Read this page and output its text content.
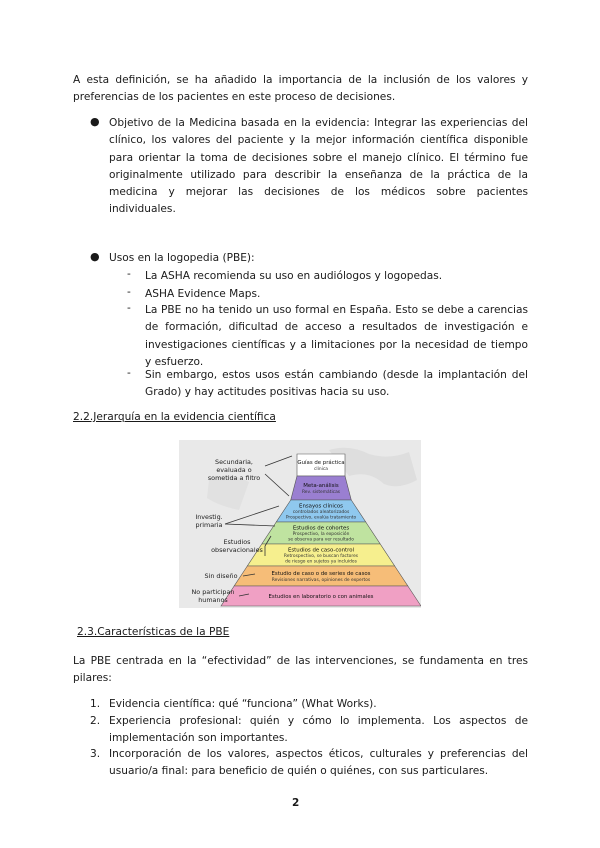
A esta definición, se ha añadido la importancia de la inclusión de los valores y preferencias de los pacientes en este proceso de decisiones.
● Objetivo de la Medicina basada en la evidencia: Integrar las experiencias del clínico, los valores del paciente y la mejor información científica disponible para orientar la toma de decisiones sobre el manejo clínico. El término fue originalmente utilizado para describir la enseñanza de la práctica de la medicina y mejorar las decisiones de los médicos sobre pacientes individuales.
● Usos en la logopedia (PBE):
- La ASHA recomienda su uso en audiólogos y logopedas.
- ASHA Evidence Maps.
- La PBE no ha tenido un uso formal en España. Esto se debe a carencias de formación, dificultad de acceso a resultados de investigación e investigaciones científicas y a limitaciones por la necesidad de tiempo y esfuerzo.
- Sin embargo, estos usos están cambiando (desde la implantación del Grado) y hay actitudes positivas hacia su uso.
2.2.Jerarquía en la evidencia científica
Guías de práctica
clínica
Meta-análisis
Rev. sistemáticas
Ensayos clínicos
controlados aleatorizados
Prospectivo, evalúa tratamiento
Estudios de cohortes
Prospectivo, la exposición
se observa para ver resultado
Estudios de caso-control
Retrospectivo, se buscan factores
de riesgo en sujetos ya incluidos
Estudio de caso o de series de casos
Revisiones narrativas, opiniones de expertos
Estudios en laboratorio o con animales
Secundaria,
evaluada o
sometida a filtro
Investig.
primaria
Estudios
observacionales
Sin diseño
No participan
humanos
2.3.Características de la PBE
La PBE centrada en la “efectividad” de las intervenciones, se fundamenta en tres pilares:
1. Evidencia científica: qué “funciona” (What Works).
2. Experiencia profesional: quién y cómo lo implementa. Los aspectos de implementación son importantes.
3. Incorporación de los valores, aspectos éticos, culturales y preferencias del usuario/a final: para beneficio de quién o quiénes, con sus particulares.
2
